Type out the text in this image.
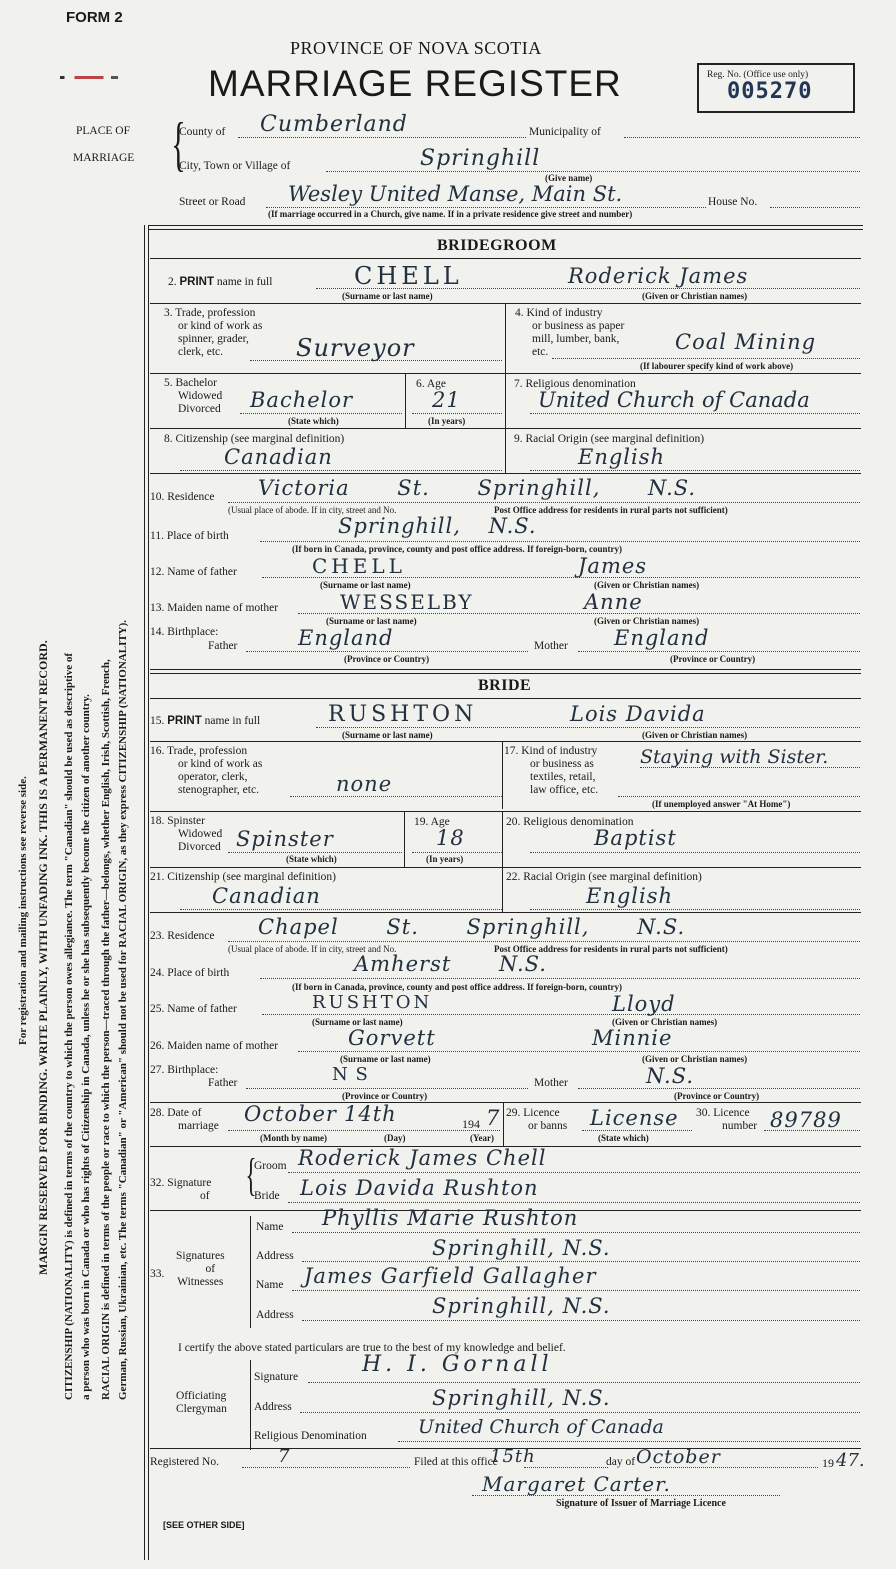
FORM 2
PROVINCE OF NOVA SCOTIA
MARRIAGE REGISTER	Reg. No. (Office use only)
005270
PLACE OF
MARRIAGE {
County of Cumberland	Municipality of
City, Town or Village of	Springhill
(Give name)
Street or Road Wesley United Manse, Main St.	House No.
(If marriage occurred in a Church, give name. If in a private residence give street and number)
For registration and mailing instructions see reverse side. MARGIN RESERVED FOR BINDING. WRITE PLAINLY, WITH UNFADING INK. THIS IS A PERMANENT RECORD. CITIZENSHIP (NATIONALITY) is defined in terms of the country to which the person owes allegiance. The term "Canadian" should be used as descriptive of a person who was born in Canada or who has rights of Citizenship in Canada, unless he or she has subsequently become the citizen of another country. RACIAL ORIGIN is defined in terms of the people or race to which the person—traced through the father—belongs, whether English, Irish, Scottish, French, German, Russian, Ukrainian, etc. The terms "Canadian" or "American" should not be used for RACIAL ORIGIN, as they express CITIZENSHIP (NATIONALITY).
BRIDEGROOM
2. PRINT name in full	CHELL	Roderick James
(Surname or last name)	(Given or Christian names)
3. Trade, profession
or kind of work as
spinner, grader,
clerk, etc.	Surveyor
4. Kind of industry
or business as paper
mill, lumber, bank,
etc.	Coal Mining
(If labourer specify kind of work above)
5. Bachelor
Widowed
Divorced Bachelor
(State which)
6. Age
21
(In years)
7. Religious denomination
United Church of Canada
8. Citizenship (see marginal definition)
Canadian
9. Racial Origin (see marginal definition)
English
10. Residence Victoria St. Springhill, N.S.
(Usual place of abode. If in city, street and No.	Post Office address for residents in rural parts not sufficient)
11. Place of birth	Springhill, N.S.
(If born in Canada, province, county and post office address. If foreign-born, country)
12. Name of father	CHELL	James
(Surname or last name)	(Given or Christian names)
13. Maiden name of mother	WESSELBY	Anne
(Surname or last name)	(Given or Christian names)
14. Birthplace:
Father	England	Mother England
(Province or Country)	(Province or Country)
BRIDE
15. PRINT name in full	RUSHTON	Lois Davida
(Surname or last name)	(Given or Christian names)
16. Trade, profession
or kind of work as
operator, clerk,
stenographer, etc.	none
17. Kind of industry
or business as
textiles, retail,
law office, etc.
Staying with Sister.
(If unemployed answer "At Home")
18. Spinster
Widowed
Divorced Spinster
(State which)
19. Age
18
(In years)
20. Religious denomination
Baptist
21. Citizenship (see marginal definition)
Canadian
22. Racial Origin (see marginal definition)
English
23. Residence Chapel St. Springhill, N.S.
(Usual place of abode. If in city, street and No.	Post Office address for residents in rural parts not sufficient)
24. Place of birth	Amherst N.S.
(If born in Canada, province, county and post office address. If foreign-born, country)
25. Name of father	RUSHTON	Lloyd
(Surname or last name)	(Given or Christian names)
26. Maiden name of mother	Gorvett	Minnie
(Surname or last name)	(Given or Christian names)
27. Birthplace:
Father	N S	Mother	N.S.
(Province or Country)	(Province or Country)
28. Date of
marriage October 14th	194 7
(Month by name)	(Day)	(Year)
29. Licence
or banns License
(State which)
30. Licence
number 89789
32. Signature
of {
Groom Roderick James Chell
Bride Lois Davida Rushton
33.
Signatures
of
Witnesses
Name Phyllis Marie Rushton
Address	Springhill, N.S.
Name James Garfield Gallagher
Address	Springhill, N.S.
I certify the above stated particulars are true to the best of my knowledge and belief.
Officiating
Clergyman
Signature	H. I. Gornall
Address	Springhill, N.S.
Religious Denomination	United Church of Canada
Registered No.	7	Filed at this office
15th	day of October	19 47.
Margaret Carter.
Signature of Issuer of Marriage Licence
[SEE OTHER SIDE]
